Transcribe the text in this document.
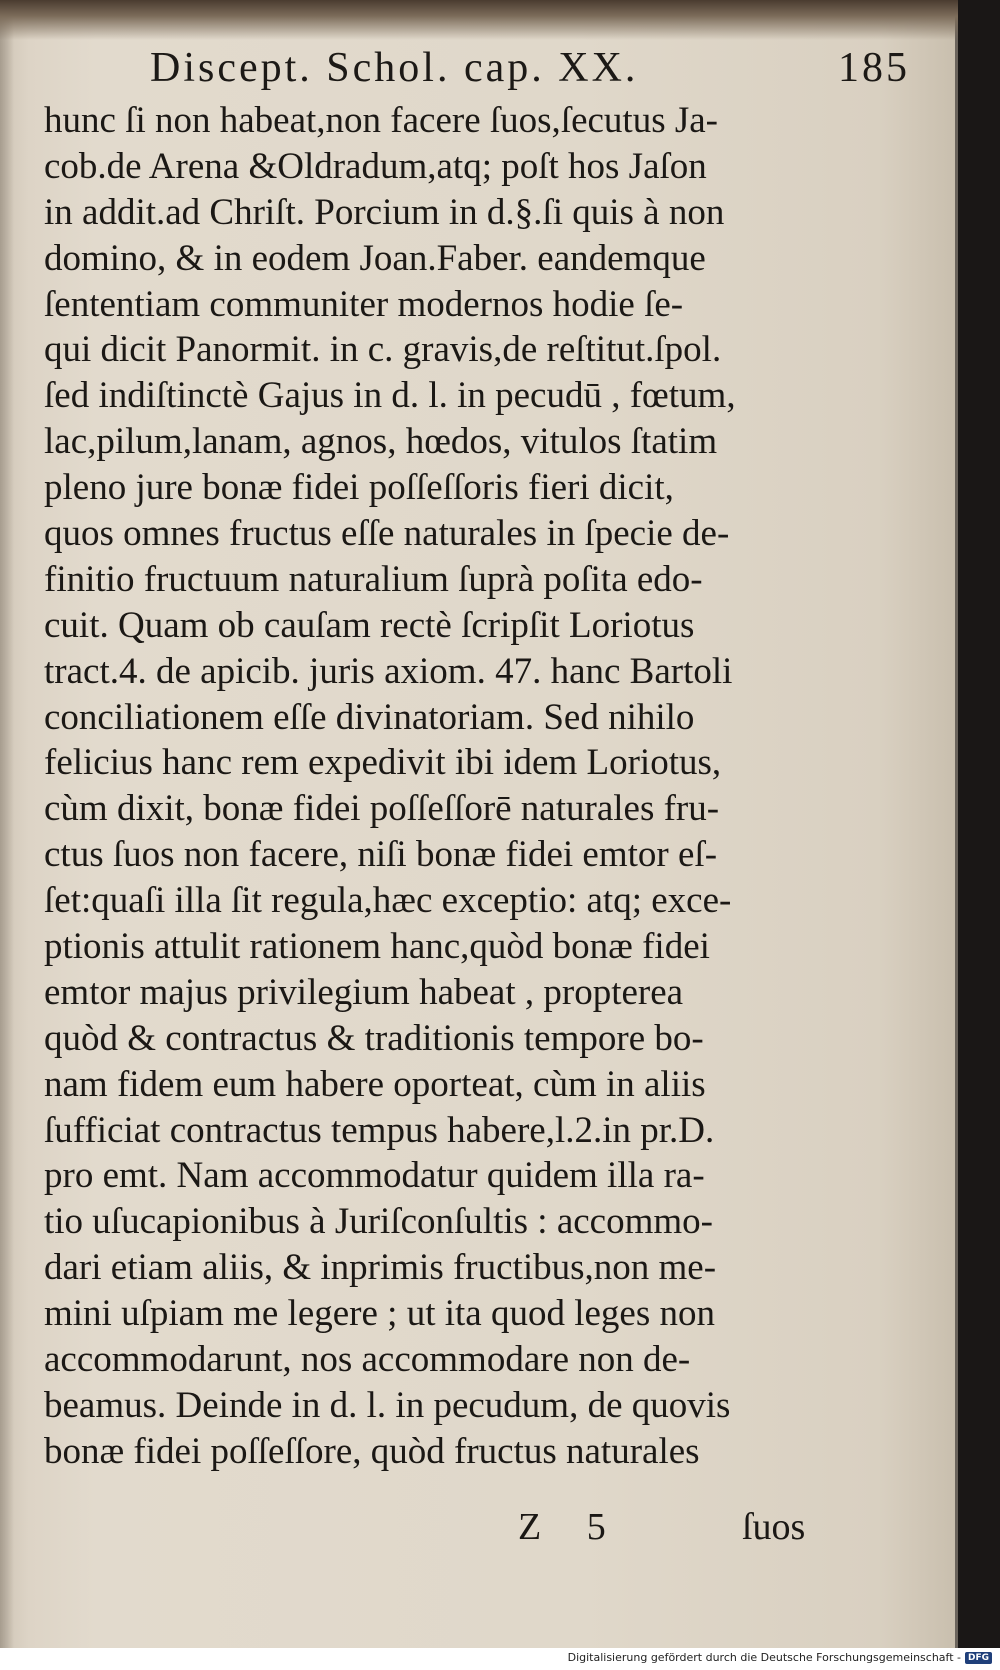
Discept. Schol. cap. XX.	185
hunc ſi non habeat,non facere ſuos,ſecutus Ja-
cob.de Arena &Oldradum,atq; poſt hos Jaſon
in addit.ad Chriſt. Porcium in d.§.ſi quis à non
domino, & in eodem Joan.Faber. eandemque
ſententiam communiter modernos hodie ſe-
qui dicit Panormit. in c. gravis,de reſtitut.ſpol.
ſed indiſtinctè Gajus in d. l. in pecudū , fœtum,
lac,pilum,lanam, agnos, hœdos, vitulos ſtatim
pleno jure bonæ fidei poſſeſſoris fieri dicit,
quos omnes fructus eſſe naturales in ſpecie de-
finitio fructuum naturalium ſuprà poſita edo-
cuit. Quam ob cauſam rectè ſcripſit Loriotus
tract.4. de apicib. juris axiom. 47. hanc Bartoli
conciliationem eſſe divinatoriam. Sed nihilo
felicius hanc rem expedivit ibi idem Loriotus,
cùm dixit, bonæ fidei poſſeſſorē naturales fru-
ctus ſuos non facere, niſi bonæ fidei emtor eſ-
ſet:quaſi illa ſit regula,hæc exceptio: atq; exce-
ptionis attulit rationem hanc,quòd bonæ fidei
emtor majus privilegium habeat , propterea
quòd & contractus & traditionis tempore bo-
nam fidem eum habere oporteat, cùm in aliis
ſufficiat contractus tempus habere,l.2.in pr.D.
pro emt. Nam accommodatur quidem illa ra-
tio uſucapionibus à Juriſconſultis : accommo-
dari etiam aliis, & inprimis fructibus,non me-
mini uſpiam me legere ; ut ita quod leges non
accommodarunt, nos accommodare non de-
beamus. Deinde in d. l. in pecudum, de quovis
bonæ fidei poſſeſſore, quòd fructus naturales
Z 5	ſuos
Digitalisierung gefördert durch die Deutsche Forschungsgemeinschaft - DFG
